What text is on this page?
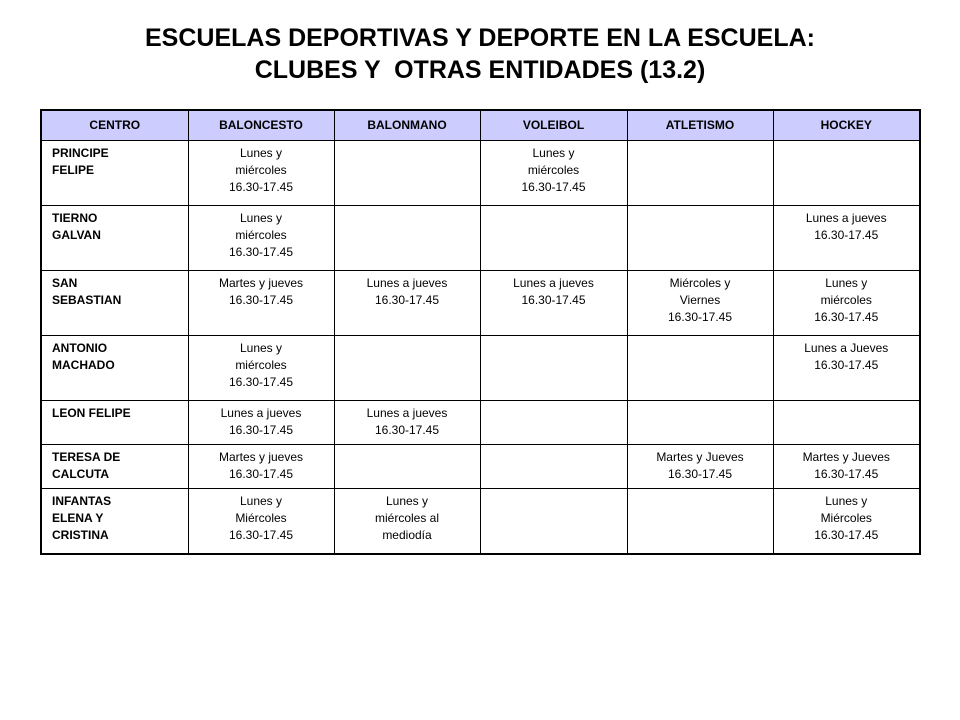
ESCUELAS DEPORTIVAS Y DEPORTE EN LA ESCUELA:
CLUBES Y  OTRAS ENTIDADES (13.2)
CENTRO	BALONCESTO	BALONMANO	VOLEIBOL	ATLETISMO	HOCKEY
PRINCIPE
FELIPE	Lunes y
miércoles
16.30-17.45		Lunes y
miércoles
16.30-17.45		
TIERNO
GALVAN	Lunes y
miércoles
16.30-17.45				Lunes a jueves
16.30-17.45
SAN
SEBASTIAN	Martes y jueves
16.30-17.45	Lunes a jueves
16.30-17.45	Lunes a jueves
16.30-17.45	Miércoles y
Viernes
16.30-17.45	Lunes y
miércoles
16.30-17.45
ANTONIO
MACHADO	Lunes y
miércoles
16.30-17.45				Lunes a Jueves
16.30-17.45
LEON FELIPE	Lunes a jueves
16.30-17.45	Lunes a jueves
16.30-17.45			
TERESA DE
CALCUTA	Martes y jueves
16.30-17.45			Martes y Jueves
16.30-17.45	Martes y Jueves
16.30-17.45
INFANTAS
ELENA Y
CRISTINA	Lunes y
Miércoles
16.30-17.45	Lunes y
miércoles al
mediodía			Lunes y
Miércoles
16.30-17.45
